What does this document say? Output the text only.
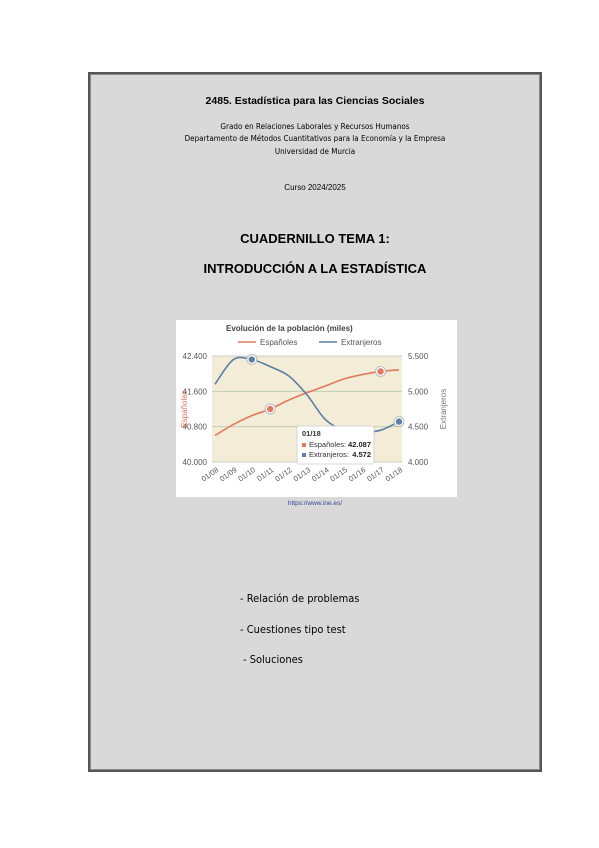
2485. Estadística para las Ciencias Sociales
Grado en Relaciones Laborales y Recursos Humanos
Departamento de Métodos Cuantitativos para la Economía y la Empresa
Universidad de Murcia
Curso 2024/2025
CUADERNILLO TEMA 1:
INTRODUCCIÓN A LA ESTADÍSTICA
42.400
41.600
40.800
40.000
5.500
5.000
4.500
4.000
Evolución de la población (miles)
Españoles	Extranjeros
Españoles	Extranjeros
01/08
01/09
01/10
01/11
01/12
01/13
01/14
01/15
01/16
01/17
01/18
01/18
Españoles: 42.087
Extranjeros: 4.572
https://www.ine.es/
- Relación de problemas
- Cuestiones tipo test
- Soluciones
